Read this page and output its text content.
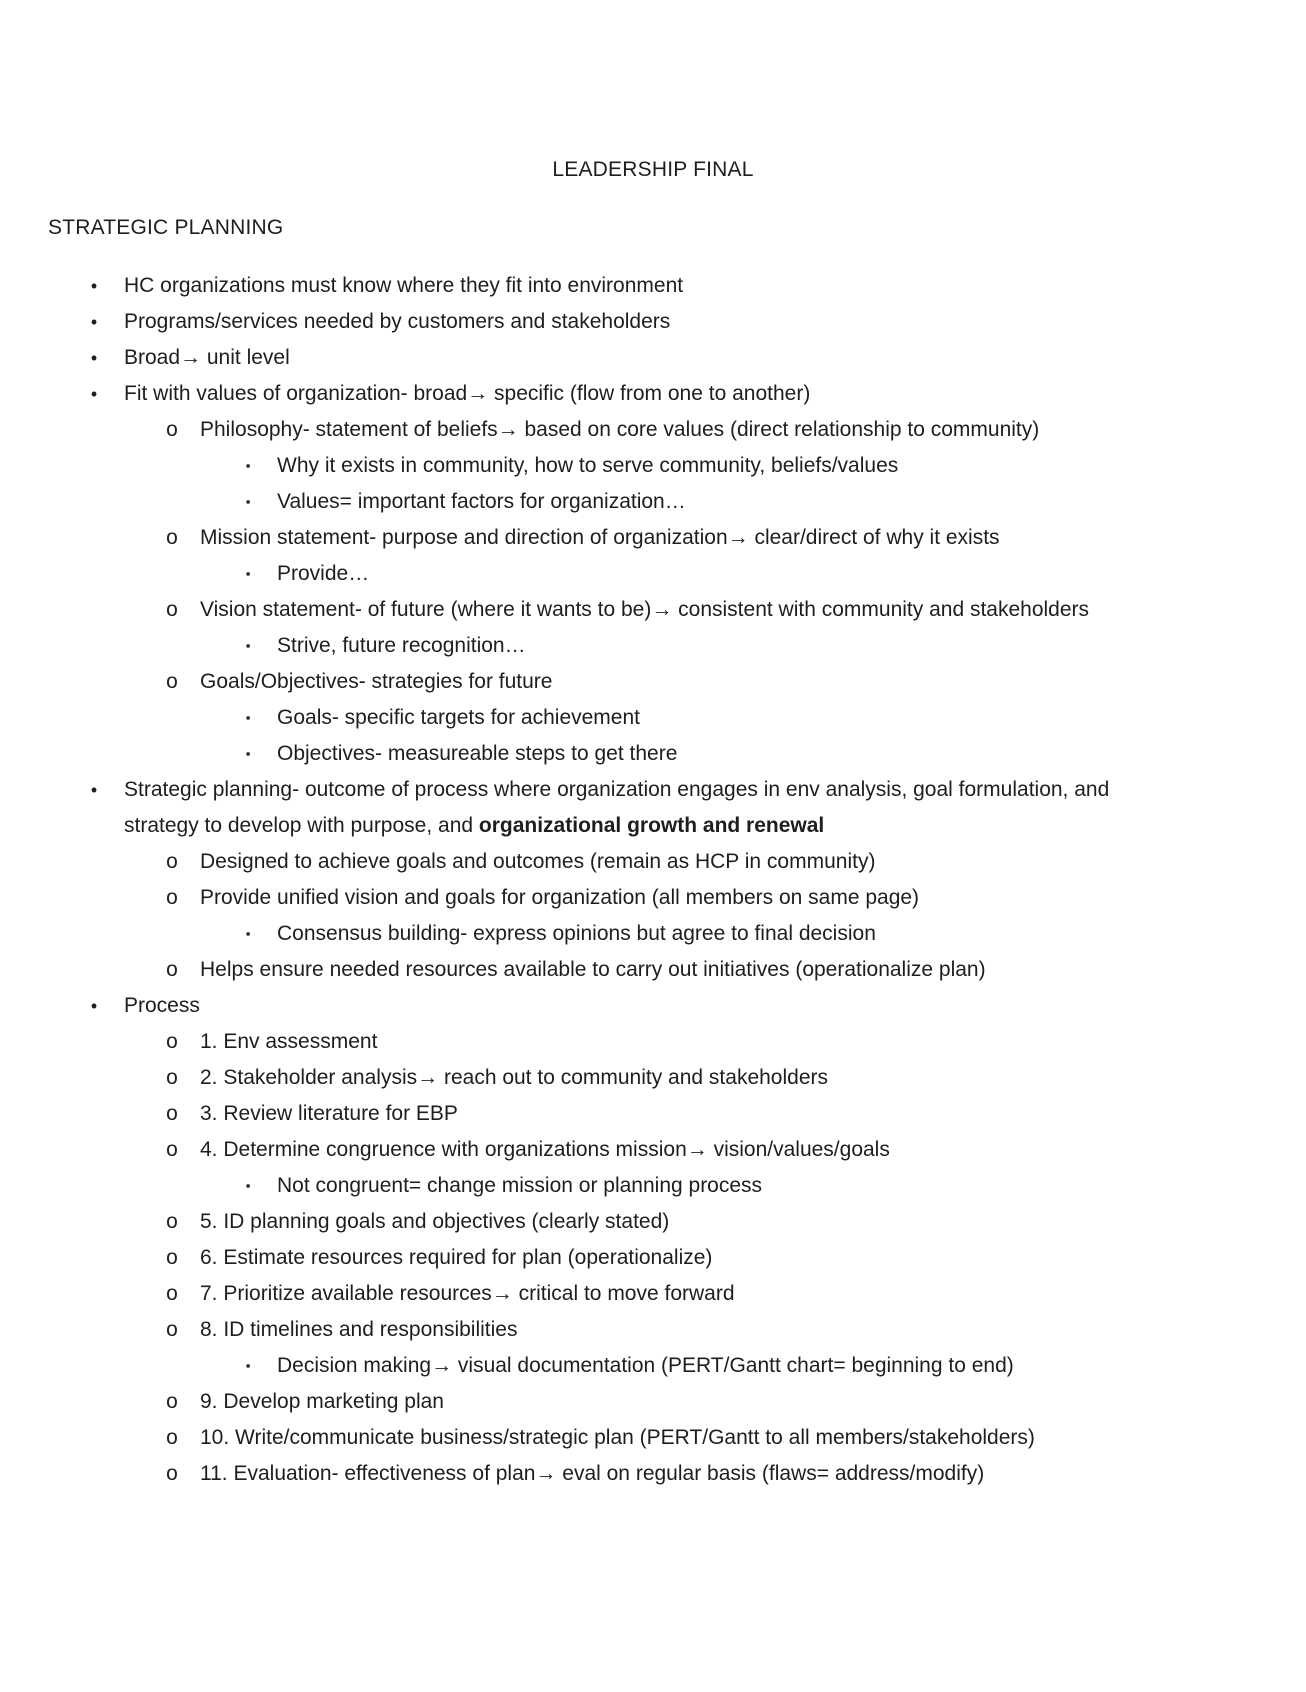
LEADERSHIP FINAL
STRATEGIC PLANNING
•	HC organizations must know where they fit into environment
•	Programs/services needed by customers and stakeholders
•	Broad→ unit level
•	Fit with values of organization- broad→ specific (flow from one to another)
o Philosophy- statement of beliefs→ based on core values (direct relationship to community)
▪	Why it exists in community, how to serve community, beliefs/values
▪	Values= important factors for organization…
o Mission statement- purpose and direction of organization→ clear/direct of why it exists
▪	Provide…
o Vision statement- of future (where it wants to be)→ consistent with community and stakeholders
▪	Strive, future recognition…
o Goals/Objectives- strategies for future
▪	Goals- specific targets for achievement
▪	Objectives- measureable steps to get there
•	Strategic planning- outcome of process where organization engages in env analysis, goal formulation, and
strategy to develop with purpose, and organizational growth and renewal
o Designed to achieve goals and outcomes (remain as HCP in community)
o Provide unified vision and goals for organization (all members on same page)
▪	Consensus building- express opinions but agree to final decision
o Helps ensure needed resources available to carry out initiatives (operationalize plan)
•	Process
o 1. Env assessment
o 2. Stakeholder analysis→ reach out to community and stakeholders
o 3. Review literature for EBP
o 4. Determine congruence with organizations mission→ vision/values/goals
▪	Not congruent= change mission or planning process
o 5. ID planning goals and objectives (clearly stated)
o 6. Estimate resources required for plan (operationalize)
o 7. Prioritize available resources→ critical to move forward
o 8. ID timelines and responsibilities
▪	Decision making→ visual documentation (PERT/Gantt chart= beginning to end)
o 9. Develop marketing plan
o 10. Write/communicate business/strategic plan (PERT/Gantt to all members/stakeholders)
o 11. Evaluation- effectiveness of plan→ eval on regular basis (flaws= address/modify)
